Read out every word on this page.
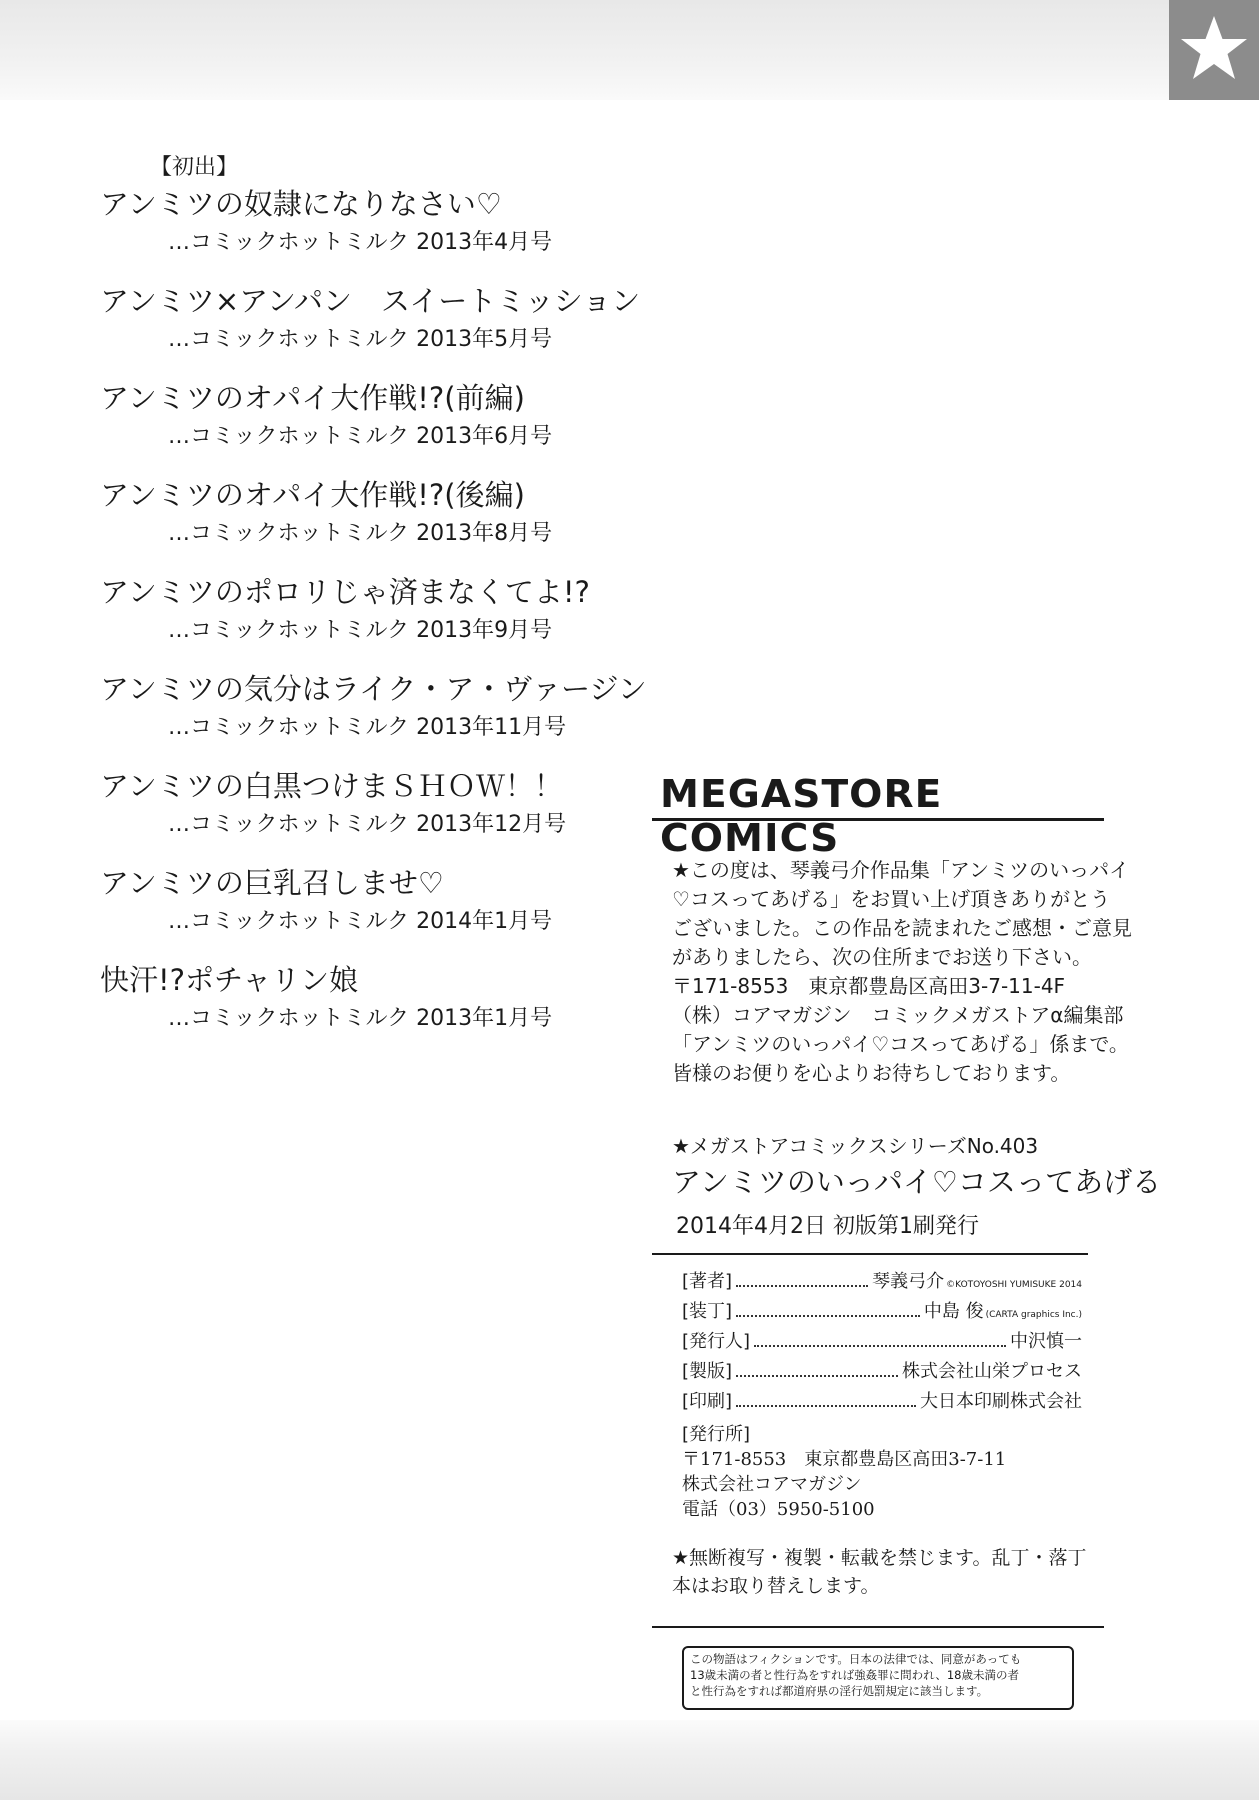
【初出】
アンミツの奴隷になりなさい♡
…コミックホットミルク 2013年4月号
アンミツ×アンパン　スイートミッション
…コミックホットミルク 2013年5月号
アンミツのオパイ大作戦!?(前編)
…コミックホットミルク 2013年6月号
アンミツのオパイ大作戦!?(後編)
…コミックホットミルク 2013年8月号
アンミツのポロリじゃ済まなくてよ!?
…コミックホットミルク 2013年9月号
アンミツの気分はライク・ア・ヴァージン
…コミックホットミルク 2013年11月号
アンミツの白黒つけまＳＨＯＷ！！
…コミックホットミルク 2013年12月号
アンミツの巨乳召しませ♡
…コミックホットミルク 2014年1月号
快汗!?ポチャリン娘
…コミックホットミルク 2013年1月号
MEGASTORE COMICS
★この度は、琴義弓介作品集「アンミツのいっパイ
♡コスってあげる」をお買い上げ頂きありがとう
ございました。この作品を読まれたご感想・ご意見
がありましたら、次の住所までお送り下さい。
〒171-8553　東京都豊島区高田3-7-11-4F
（株）コアマガジン　コミックメガストアα編集部
「アンミツのいっパイ♡コスってあげる」係まで。
皆様のお便りを心よりお待ちしております。
★メガストアコミックスシリーズNo.403
アンミツのいっパイ♡コスってあげる
2014年4月2日 初版第1刷発行
[著者]	琴義弓介 ©KOTOYOSHI YUMISUKE 2014
[装丁]	中島 俊 (CARTA graphics Inc.)
[発行人]	中沢慎一
[製版]	株式会社山栄プロセス
[印刷]	大日本印刷株式会社
[発行所]
〒171-8553　東京都豊島区高田3-7-11
株式会社コアマガジン
電話（03）5950-5100
★無断複写・複製・転載を禁じます。乱丁・落丁
本はお取り替えします。
この物語はフィクションです。日本の法律では、同意があっても
13歳未満の者と性行為をすれば強姦罪に問われ、18歳未満の者
と性行為をすれば都道府県の淫行処罰規定に該当します。
